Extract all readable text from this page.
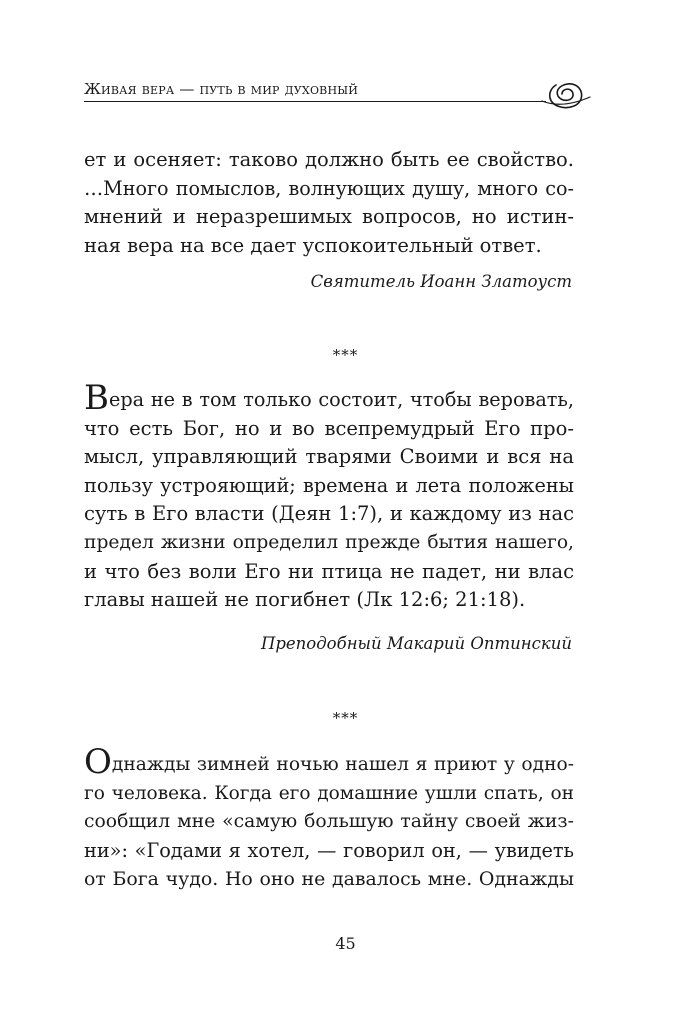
Живая вера — путь в мир духовный
ет и осеняет: таково должно быть ее свойство.
…Много помыслов, волнующих душу, много со-
мнений и неразрешимых вопросов, но истин-
ная вера на все дает успокоительный ответ.
Святитель Иоанн Златоуст
***
Вера не в том только состоит, чтобы веровать,
что есть Бог, но и во всепремудрый Его про-
мысл, управляющий тварями Своими и вся на
пользу устрояющий; времена и лета положены
суть в Его власти (Деян 1:7), и каждому из нас
предел жизни определил прежде бытия нашего,
и что без воли Его ни птица не падет, ни влас
главы нашей не погибнет (Лк 12:6; 21:18).
Преподобный Макарий Оптинский
***
Однажды зимней ночью нашел я приют у одно-
го человека. Когда его домашние ушли спать, он
сообщил мне «самую большую тайну своей жиз-
ни»: «Годами я хотел, — говорил он, — увидеть
от Бога чудо. Но оно не давалось мне. Однажды
45
